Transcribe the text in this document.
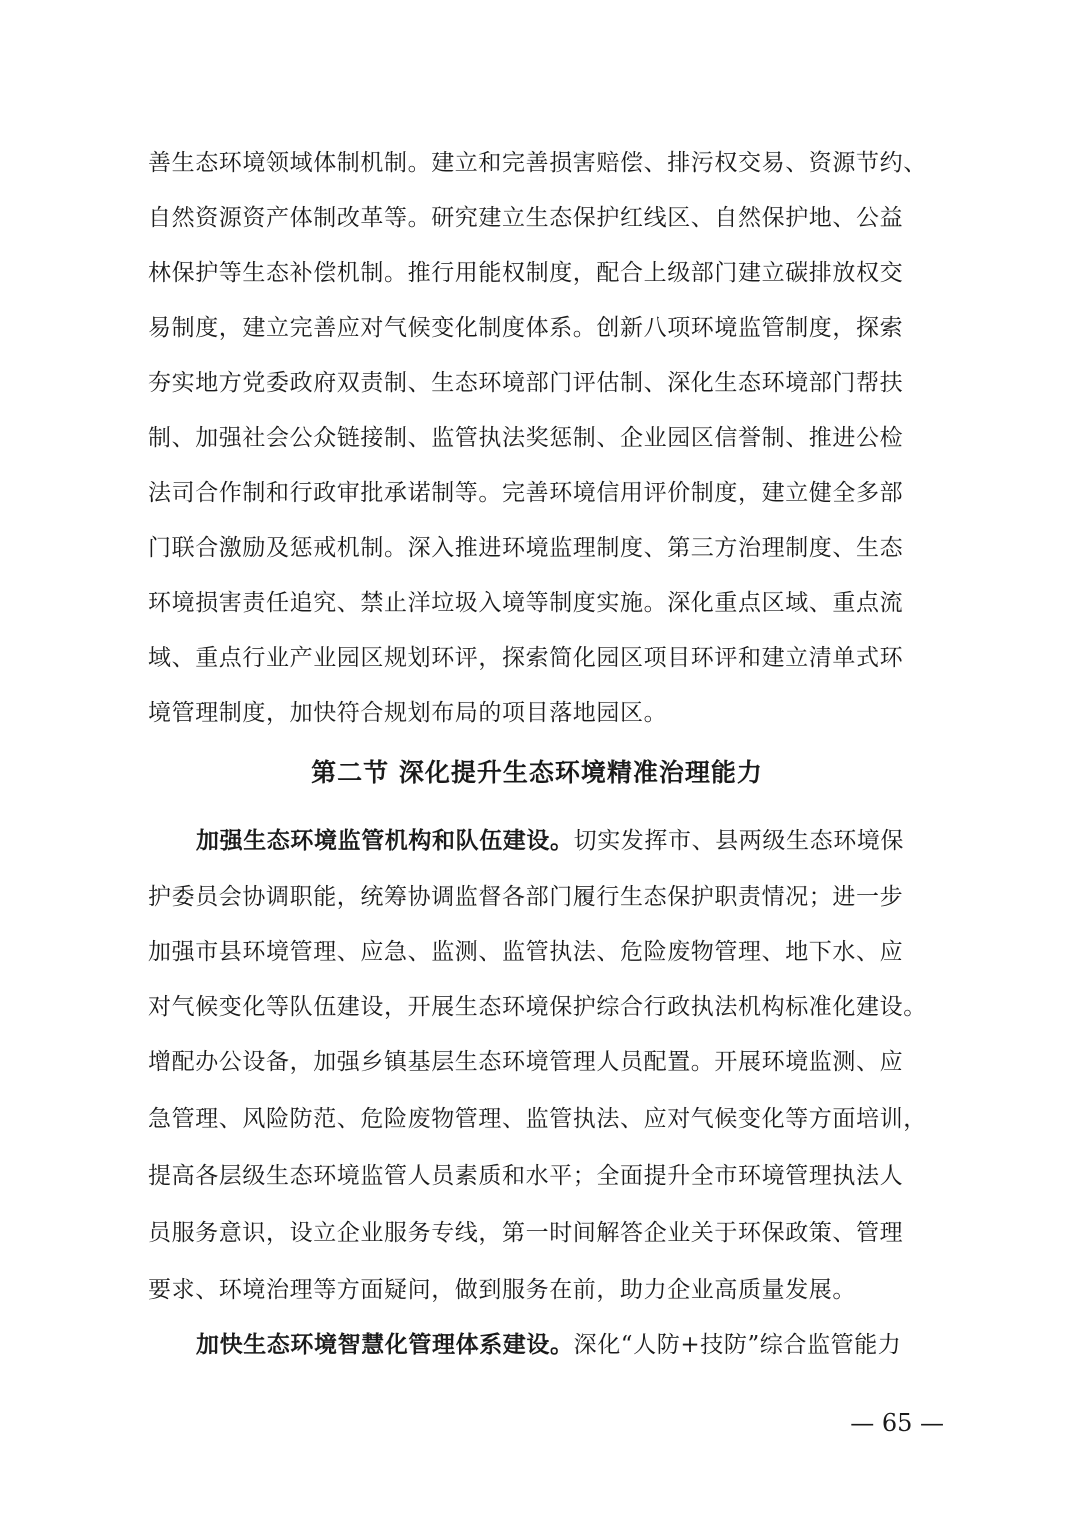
善生态环境领域体制机制。建立和完善损害赔偿、排污权交易、资源节约、
自然资源资产体制改革等。研究建立生态保护红线区、自然保护地、公益
林保护等生态补偿机制。推行用能权制度，配合上级部门建立碳排放权交
易制度，建立完善应对气候变化制度体系。创新八项环境监管制度，探索
夯实地方党委政府双责制、生态环境部门评估制、深化生态环境部门帮扶
制、加强社会公众链接制、监管执法奖惩制、企业园区信誉制、推进公检
法司合作制和行政审批承诺制等。完善环境信用评价制度，建立健全多部
门联合激励及惩戒机制。深入推进环境监理制度、第三方治理制度、生态
环境损害责任追究、禁止洋垃圾入境等制度实施。深化重点区域、重点流
域、重点行业产业园区规划环评，探索简化园区项目环评和建立清单式环
境管理制度，加快符合规划布局的项目落地园区。
第二节 深化提升生态环境精准治理能力
加强生态环境监管机构和队伍建设。切实发挥市、县两级生态环境保
护委员会协调职能，统筹协调监督各部门履行生态保护职责情况；进一步
加强市县环境管理、应急、监测、监管执法、危险废物管理、地下水、应
对气候变化等队伍建设，开展生态环境保护综合行政执法机构标准化建设。
增配办公设备，加强乡镇基层生态环境管理人员配置。开展环境监测、应
急管理、风险防范、危险废物管理、监管执法、应对气候变化等方面培训，
提高各层级生态环境监管人员素质和水平；全面提升全市环境管理执法人
员服务意识，设立企业服务专线，第一时间解答企业关于环保政策、管理
要求、环境治理等方面疑问，做到服务在前，助力企业高质量发展。
加快生态环境智慧化管理体系建设。深化“人防+技防”综合监管能力
— 65 —
